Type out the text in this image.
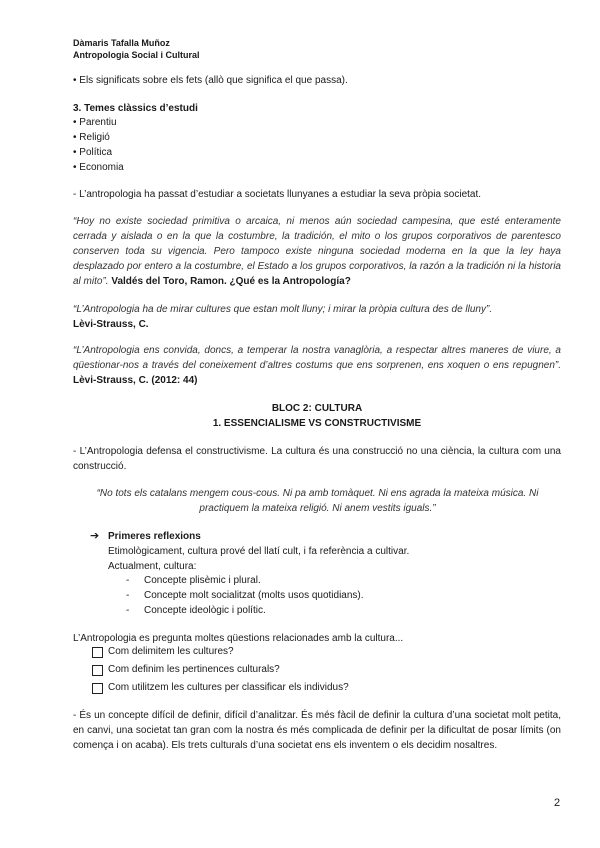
Dàmaris Tafalla Muñoz
Antropologia Social i Cultural
• Els significats sobre els fets (allò que significa el que passa).
3. Temes clàssics d’estudi
• Parentiu
• Religió
• Política
• Economia
- L’antropologia ha passat d’estudiar a societats llunyanes a estudiar la seva pròpia societat.
“Hoy no existe sociedad primitiva o arcaica, ni menos aún sociedad campesina, que esté enteramente cerrada y aislada o en la que la costumbre, la tradición, el mito o los grupos corporativos de parentesco conserven toda su vigencia. Pero tampoco existe ninguna sociedad moderna en la que la ley haya desplazado por entero a la costumbre, el Estado a los grupos corporativos, la razón a la tradición ni la historia al mito”. Valdés del Toro, Ramon. ¿Qué es la Antropología?
“L’Antropologia ha de mirar cultures que estan molt lluny; i mirar la pròpia cultura des de lluny”.
Lèvi-Strauss, C.
“L’Antropologia ens convida, doncs, a temperar la nostra vanaglòria, a respectar altres maneres de viure, a qüestionar-nos a través del coneixement d’altres costums que ens sorprenen, ens xoquen o ens repugnen”. Lèvi-Strauss, C. (2012: 44)
BLOC 2: CULTURA
1. ESSENCIALISME VS CONSTRUCTIVISME
- L’Antropologia defensa el constructivisme. La cultura és una construcció no una ciència, la cultura com una construcció.
“No tots els catalans mengem cous-cous. Ni pa amb tomàquet. Ni ens agrada la mateixa música. Ni practiquem la mateixa religió. Ni anem vestits iguals.”
➔ Primeres reflexions
Etimològicament, cultura prové del llatí cult, i fa referència a cultivar.
Actualment, cultura:
- Concepte plisèmic i plural.
- Concepte molt socialitzat (molts usos quotidians).
- Concepte ideològic i polític.
L’Antropologia es pregunta moltes qüestions relacionades amb la cultura...
Com delimitem les cultures?
Com definim les pertinences culturals?
Com utilitzem les cultures per classificar els individus?
- És un concepte difícil de definir, difícil d’analitzar. És més fàcil de definir la cultura d’una societat molt petita, en canvi, una societat tan gran com la nostra és més complicada de definir per la dificultat de posar límits (on comença i on acaba). Els trets culturals d’una societat ens els inventem o els decidim nosaltres.
2
